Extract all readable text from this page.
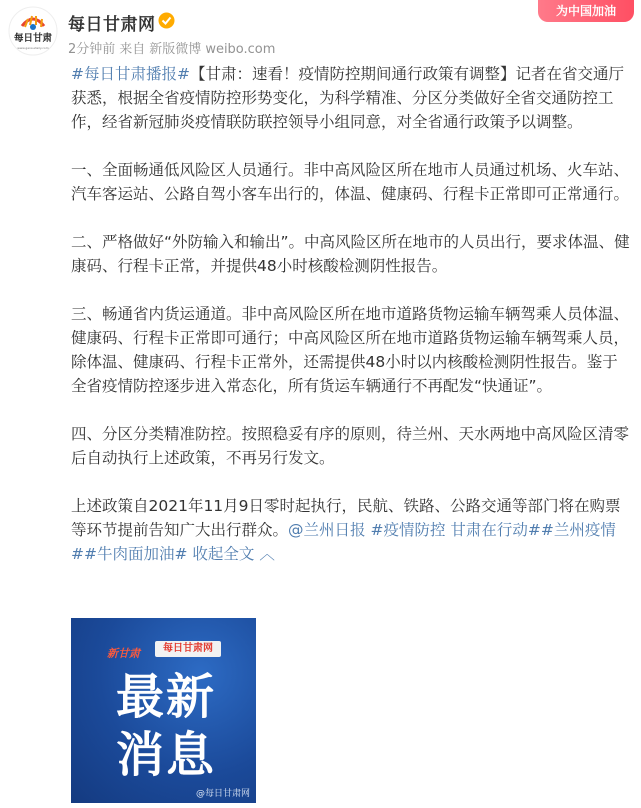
每日甘肃
www.gansudaily.com
每日甘肃网
2分钟前 来自 新版微博 weibo.com
为中国加油

#每日甘肃播报#【甘肃：速看！疫情防控期间通行政策有调整】记者在省交通厅获悉，根据全省疫情防控形势变化，为科学精准、分区分类做好全省交通防控工作，经省新冠肺炎疫情联防联控领导小组同意，对全省通行政策予以调整。

一、全面畅通低风险区人员通行。非中高风险区所在地市人员通过机场、火车站、汽车客运站、公路自驾小客车出行的，体温、健康码、行程卡正常即可正常通行。

二、严格做好“外防输入和输出”。中高风险区所在地市的人员出行，要求体温、健康码、行程卡正常，并提供48小时核酸检测阴性报告。

三、畅通省内货运通道。非中高风险区所在地市道路货物运输车辆驾乘人员体温、健康码、行程卡正常即可通行；中高风险区所在地市道路货物运输车辆驾乘人员，除体温、健康码、行程卡正常外，还需提供48小时以内核酸检测阴性报告。鉴于全省疫情防控逐步进入常态化，所有货运车辆通行不再配发“快通证”。

四、分区分类精准防控。按照稳妥有序的原则，待兰州、天水两地中高风险区清零后自动执行上述政策，不再另行发文。

上述政策自2021年11月9日零时起执行，民航、铁路、公路交通等部门将在购票等环节提前告知广大出行群众。@兰州日报 #疫情防控 甘肃在行动##兰州疫情##牛肉面加油# 收起全文 ︿

新甘肃	每日甘肃网
最新
消息
@每日甘肃网
